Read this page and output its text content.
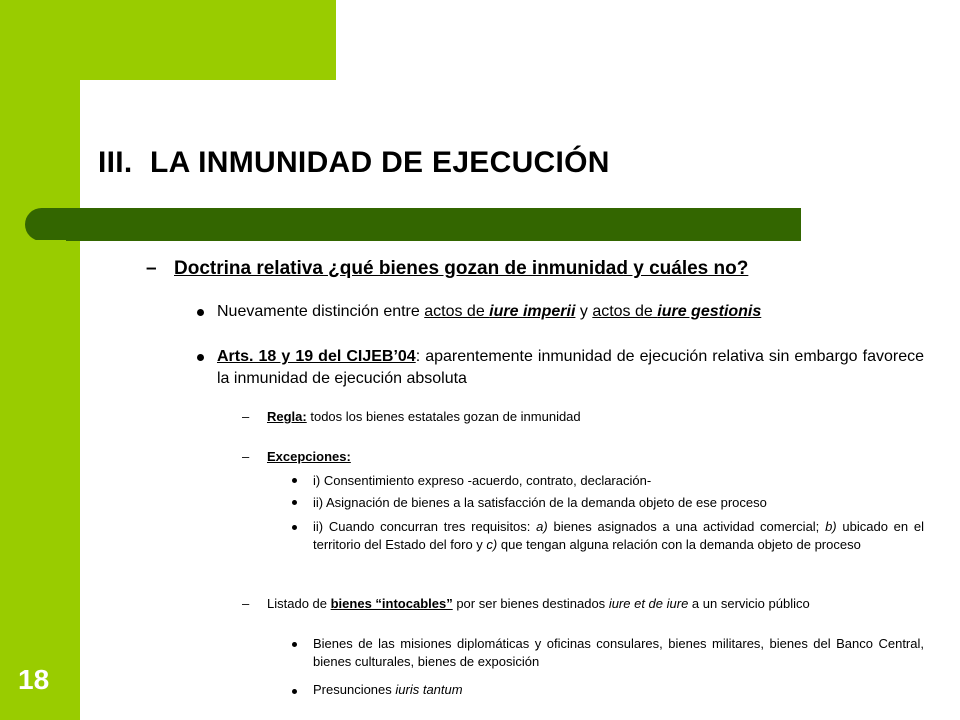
III. LA INMUNIDAD DE EJECUCIÓN
18
– Doctrina relativa ¿qué bienes gozan de inmunidad y cuáles no?
Nuevamente distinción entre actos de iure imperii y actos de iure gestionis
Arts. 18 y 19 del CIJEB’04: aparentemente inmunidad de ejecución relativa sin embargo favorece la inmunidad de ejecución absoluta
– Regla: todos los bienes estatales gozan de inmunidad
– Excepciones:
i) Consentimiento expreso -acuerdo, contrato, declaración-
ii) Asignación de bienes a la satisfacción de la demanda objeto de ese proceso
ii) Cuando concurran tres requisitos: a) bienes asignados a una actividad comercial; b) ubicado en el territorio del Estado del foro y c) que tengan alguna relación con la demanda objeto de proceso
– Listado de bienes “intocables” por ser bienes destinados iure et de iure a un servicio público
Bienes de las misiones diplomáticas y oficinas consulares, bienes militares, bienes del Banco Central, bienes culturales, bienes de exposición
Presunciones iuris tantum
